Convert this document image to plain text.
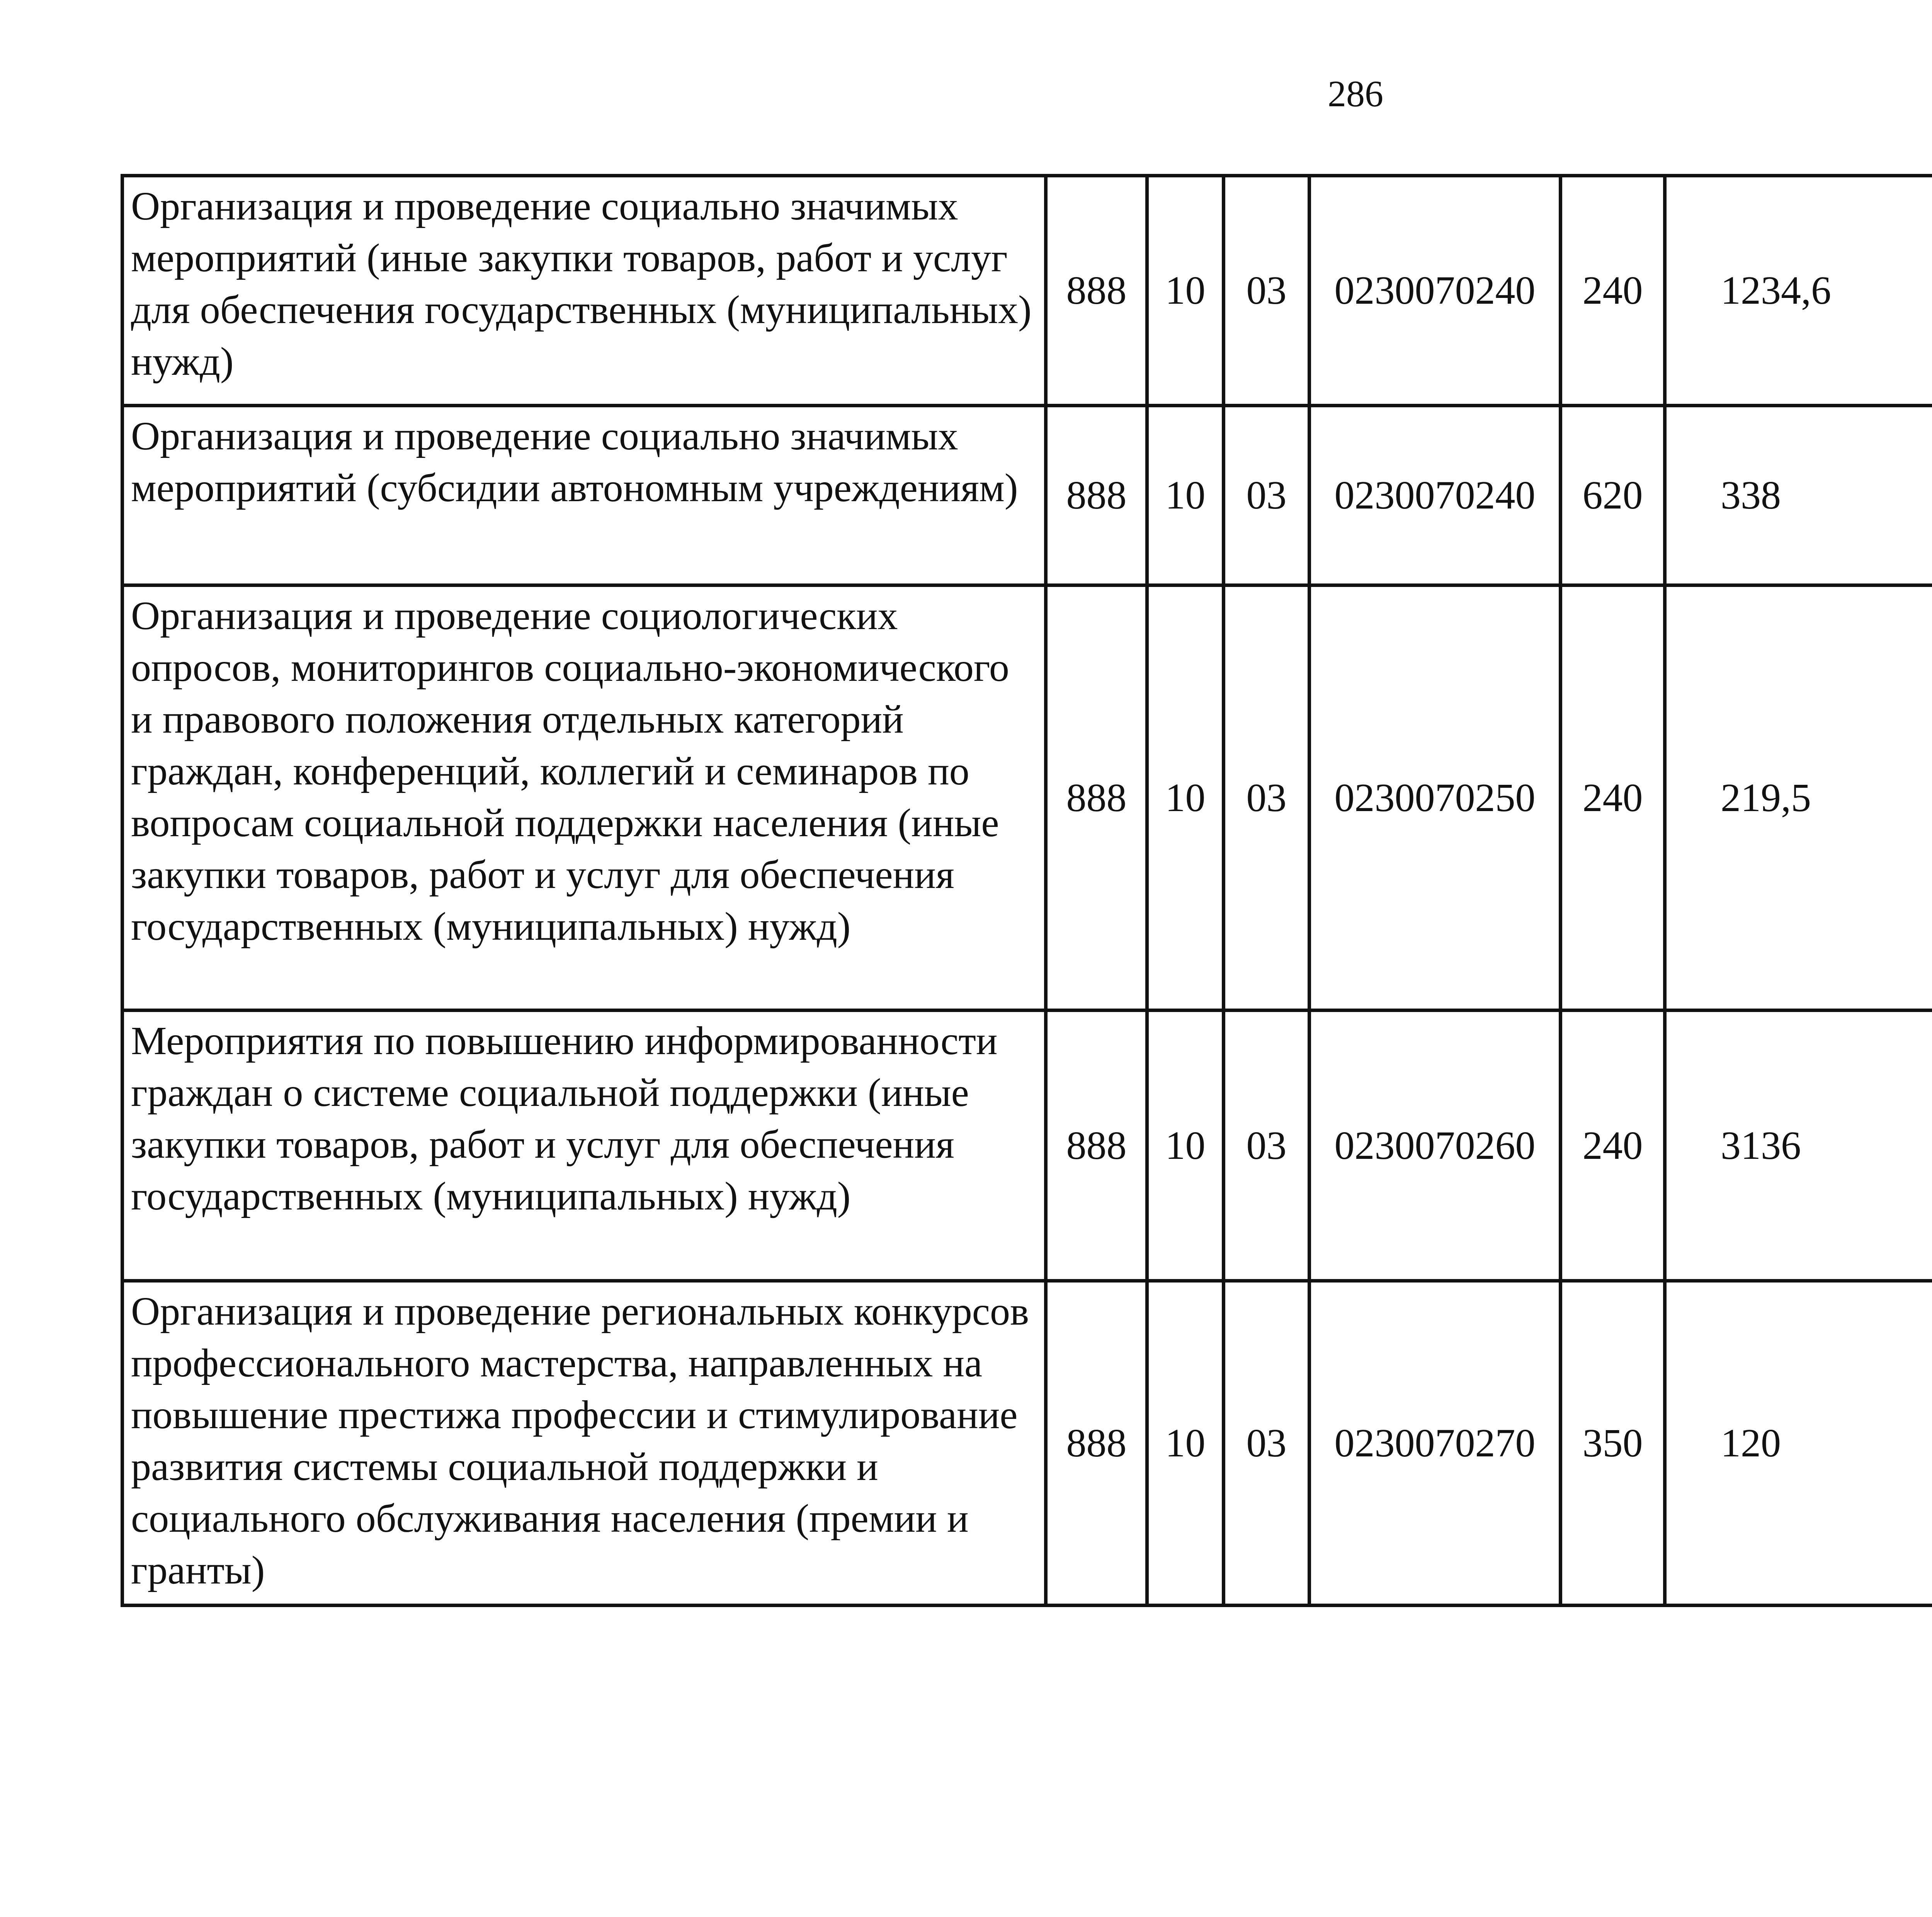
286
Организация и проведение социально значимых мероприятий (иные закупки товаров, работ и услуг для обеспечения государственных (муниципальных) нужд)	888	10	03	0230070240	240	1234,6		
Организация и проведение социально значимых мероприятий (субсидии автономным учреждениям)	888	10	03	0230070240	620	338		
Организация и проведение социологических опросов, мониторингов социально-экономического и правового положения отдельных категорий граждан, конференций, коллегий и семинаров по вопросам социальной поддержки населения (иные закупки товаров, работ и услуг для обеспечения государственных (муниципальных) нужд)	888	10	03	0230070250	240	219,5		
Мероприятия по повышению информированности граждан о системе социальной поддержки (иные закупки товаров, работ и услуг для обеспечения государственных (муниципальных) нужд)	888	10	03	0230070260	240	3136		
Организация и проведение региональных конкурсов профессионального мастерства, направленных на повышение престижа профессии и стимулирование развития системы социальной поддержки и социального обслуживания населения (премии и гранты)	888	10	03	0230070270	350	120		
